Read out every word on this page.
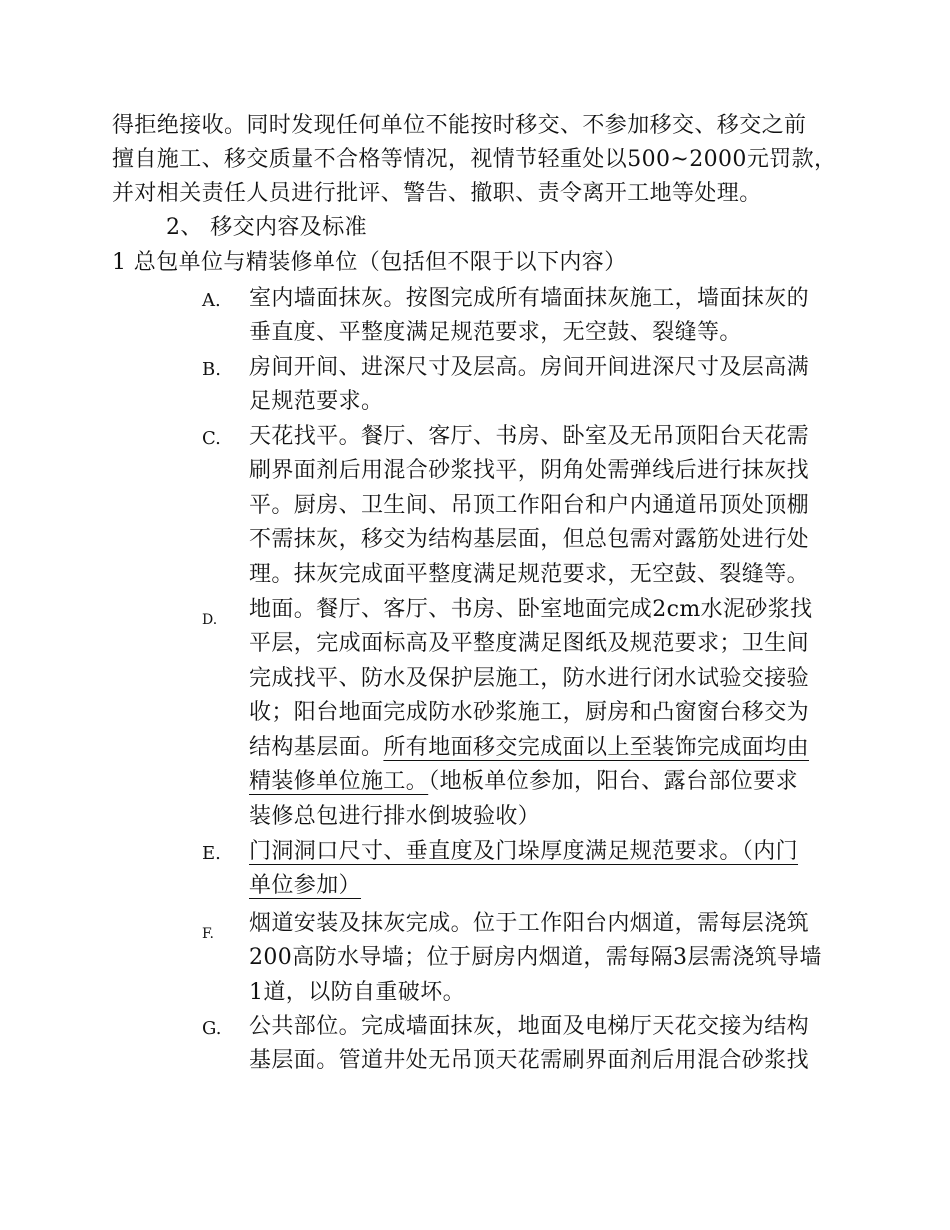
得拒绝接收。同时发现任何单位不能按时移交、不参加移交、移交之前
擅自施工、移交质量不合格等情况，视情节轻重处以500~2000元罚款，
并对相关责任人员进行批评、警告、撤职、责令离开工地等处理。
2、 移交内容及标准
1 总包单位与精装修单位（包括但不限于以下内容）
A. 室内墙面抹灰。按图完成所有墙面抹灰施工，墙面抹灰的
垂直度、平整度满足规范要求，无空鼓、裂缝等。
B. 房间开间、进深尺寸及层高。房间开间进深尺寸及层高满
足规范要求。
C. 天花找平。餐厅、客厅、书房、卧室及无吊顶阳台天花需
刷界面剂后用混合砂浆找平，阴角处需弹线后进行抹灰找
平。厨房、卫生间、吊顶工作阳台和户内通道吊顶处顶棚
不需抹灰，移交为结构基层面，但总包需对露筋处进行处
理。抹灰完成面平整度满足规范要求，无空鼓、裂缝等。
D. 地面。餐厅、客厅、书房、卧室地面完成2cm水泥砂浆找
平层，完成面标高及平整度满足图纸及规范要求；卫生间
完成找平、防水及保护层施工，防水进行闭水试验交接验
收；阳台地面完成防水砂浆施工，厨房和凸窗窗台移交为
结构基层面。所有地面移交完成面以上至装饰完成面均由
精装修单位施工。（地板单位参加，阳台、露台部位要求
装修总包进行排水倒坡验收）
E. 门洞洞口尺寸、垂直度及门垛厚度满足规范要求。（内门
单位参加）
F. 烟道安装及抹灰完成。位于工作阳台内烟道，需每层浇筑
200高防水导墙；位于厨房内烟道，需每隔3层需浇筑导墙
1道，以防自重破坏。
G. 公共部位。完成墙面抹灰，地面及电梯厅天花交接为结构
基层面。管道井处无吊顶天花需刷界面剂后用混合砂浆找
